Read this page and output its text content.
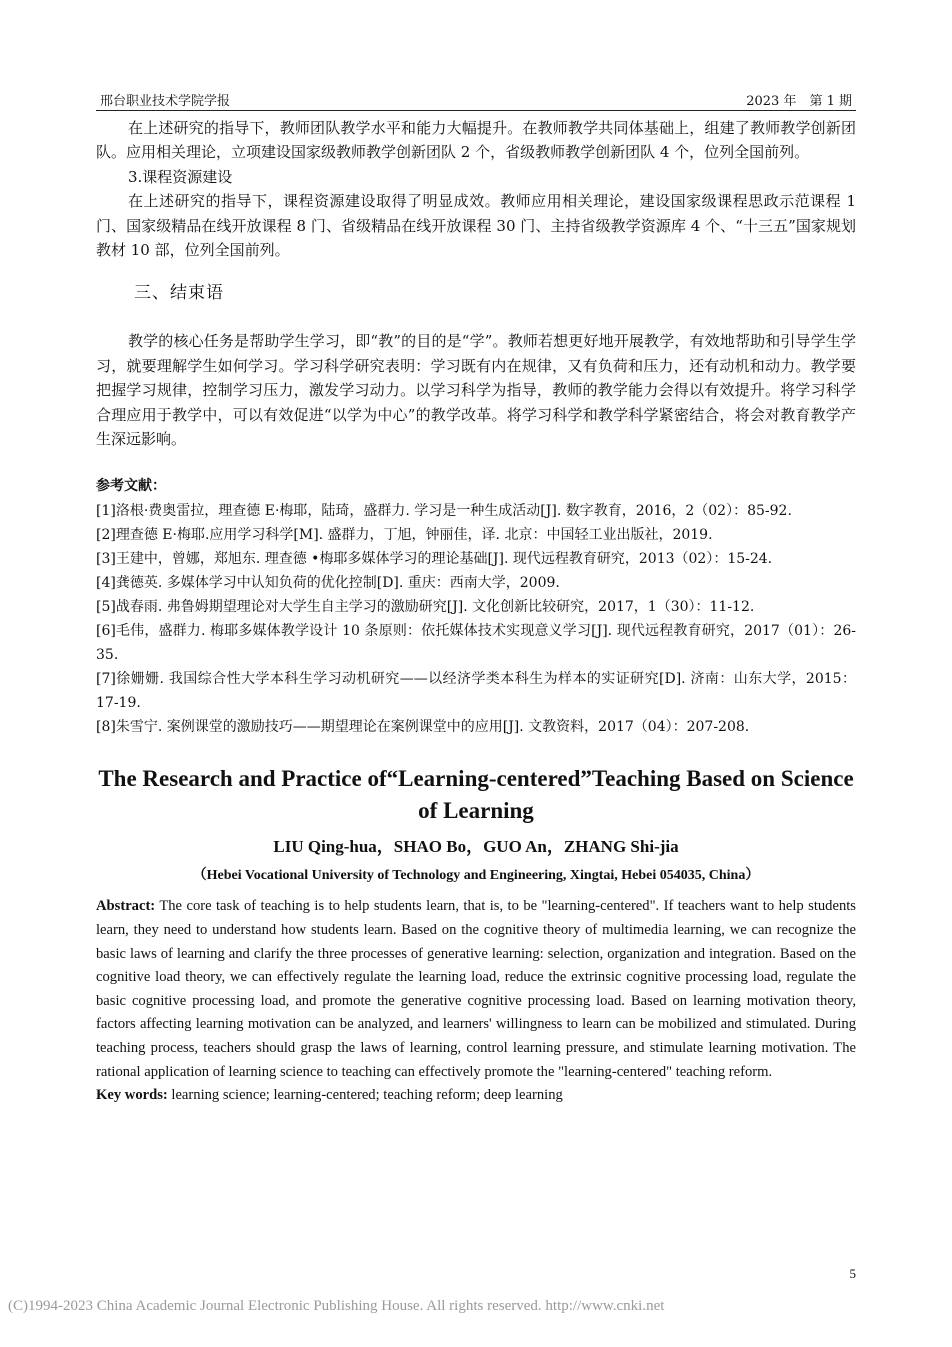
邢台职业技术学院学报	2023 年　第 1 期

在上述研究的指导下，教师团队教学水平和能力大幅提升。在教师教学共同体基础上，组建了教师教学创新团队。应用相关理论，立项建设国家级教师教学创新团队 2 个，省级教师教学创新团队 4 个，位列全国前列。

3.课程资源建设

在上述研究的指导下，课程资源建设取得了明显成效。教师应用相关理论，建设国家级课程思政示范课程 1 门、国家级精品在线开放课程 8 门、省级精品在线开放课程 30 门、主持省级教学资源库 4 个、“十三五”国家规划教材 10 部，位列全国前列。

三、结束语

教学的核心任务是帮助学生学习，即“教”的目的是“学”。教师若想更好地开展教学，有效地帮助和引导学生学习，就要理解学生如何学习。学习科学研究表明：学习既有内在规律，又有负荷和压力，还有动机和动力。教学要把握学习规律，控制学习压力，激发学习动力。以学习科学为指导，教师的教学能力会得以有效提升。将学习科学合理应用于教学中，可以有效促进“以学为中心”的教学改革。将学习科学和教学科学紧密结合，将会对教育教学产生深远影响。

参考文献：
[1]洛根·费奥雷拉，理查德 E·梅耶，陆琦，盛群力. 学习是一种生成活动[J]. 数字教育，2016，2（02）：85-92.
[2]理查德 E·梅耶.应用学习科学[M]. 盛群力，丁旭，钟丽佳，译. 北京：中国轻工业出版社，2019.
[3]王建中，曾娜，郑旭东. 理查德 •梅耶多媒体学习的理论基础[J]. 现代远程教育研究，2013（02）：15-24.
[4]龚德英. 多媒体学习中认知负荷的优化控制[D]. 重庆：西南大学，2009.
[5]战春雨. 弗鲁姆期望理论对大学生自主学习的激励研究[J]. 文化创新比较研究，2017，1（30）：11-12.
[6]毛伟，盛群力. 梅耶多媒体教学设计 10 条原则：依托媒体技术实现意义学习[J]. 现代远程教育研究，2017（01）：26-35.
[7]徐姗姗. 我国综合性大学本科生学习动机研究——以经济学类本科生为样本的实证研究[D]. 济南：山东大学，2015：17-19.
[8]朱雪宁. 案例课堂的激励技巧——期望理论在案例课堂中的应用[J]. 文教资料，2017（04）：207-208.
The Research and Practice of“Learning-centered”Teaching Based on Science of Learning
LIU Qing-hua，SHAO Bo，GUO An，ZHANG Shi-jia
（Hebei Vocational University of Technology and Engineering, Xingtai, Hebei 054035, China）
Abstract: The core task of teaching is to help students learn, that is, to be "learning-centered". If teachers want to help students learn, they need to understand how students learn. Based on the cognitive theory of multimedia learning, we can recognize the basic laws of learning and clarify the three processes of generative learning: selection, organization and integration. Based on the cognitive load theory, we can effectively regulate the learning load, reduce the extrinsic cognitive processing load, regulate the basic cognitive processing load, and promote the generative cognitive processing load. Based on learning motivation theory, factors affecting learning motivation can be analyzed, and learners' willingness to learn can be mobilized and stimulated. During teaching process, teachers should grasp the laws of learning, control learning pressure, and stimulate learning motivation. The rational application of learning science to teaching can effectively promote the "learning-centered" teaching reform.
Key words: learning science; learning-centered; teaching reform; deep learning
5
(C)1994-2023 China Academic Journal Electronic Publishing House. All rights reserved. http://www.cnki.net
